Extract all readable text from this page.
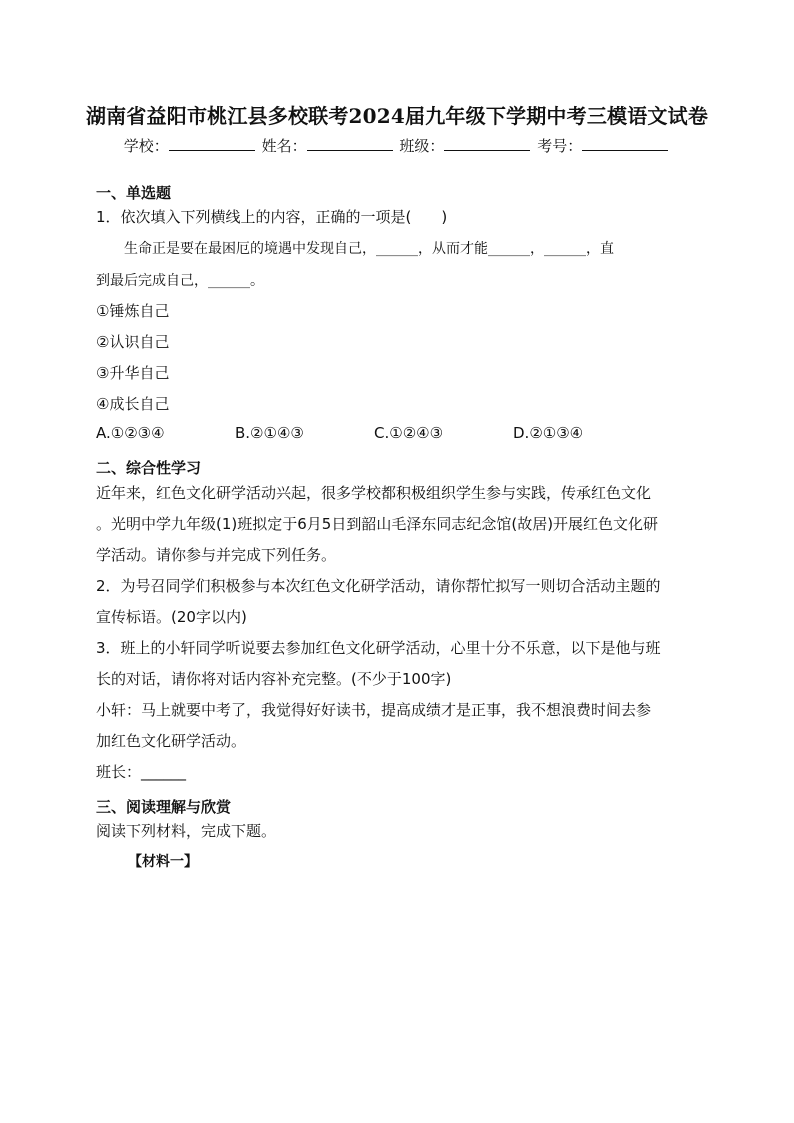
湖南省益阳市桃江县多校联考2024届九年级下学期中考三模语文试卷
学校：	姓名：	班级：	考号：
一、单选题
1．依次填入下列横线上的内容，正确的一项是(　　)
　　生命正是要在最困厄的境遇中发现自己，______，从而才能______，______，直
到最后完成自己，______。
①锤炼自己
②认识自己
③升华自己
④成长自己
A.①②③④	B.②①④③	C.①②④③	D.②①③④
二、综合性学习
近年来，红色文化研学活动兴起，很多学校都积极组织学生参与实践，传承红色文化
。光明中学九年级(1)班拟定于6月5日到韶山毛泽东同志纪念馆(故居)开展红色文化研
学活动。请你参与并完成下列任务。
2．为号召同学们积极参与本次红色文化研学活动，请你帮忙拟写一则切合活动主题的
宣传标语。(20字以内)
3．班上的小轩同学听说要去参加红色文化研学活动，心里十分不乐意，以下是他与班
长的对话，请你将对话内容补充完整。(不少于100字)
小轩：马上就要中考了，我觉得好好读书，提高成绩才是正事，我不想浪费时间去参
加红色文化研学活动。
班长：______
三、阅读理解与欣赏
阅读下列材料，完成下题。
【材料一】
